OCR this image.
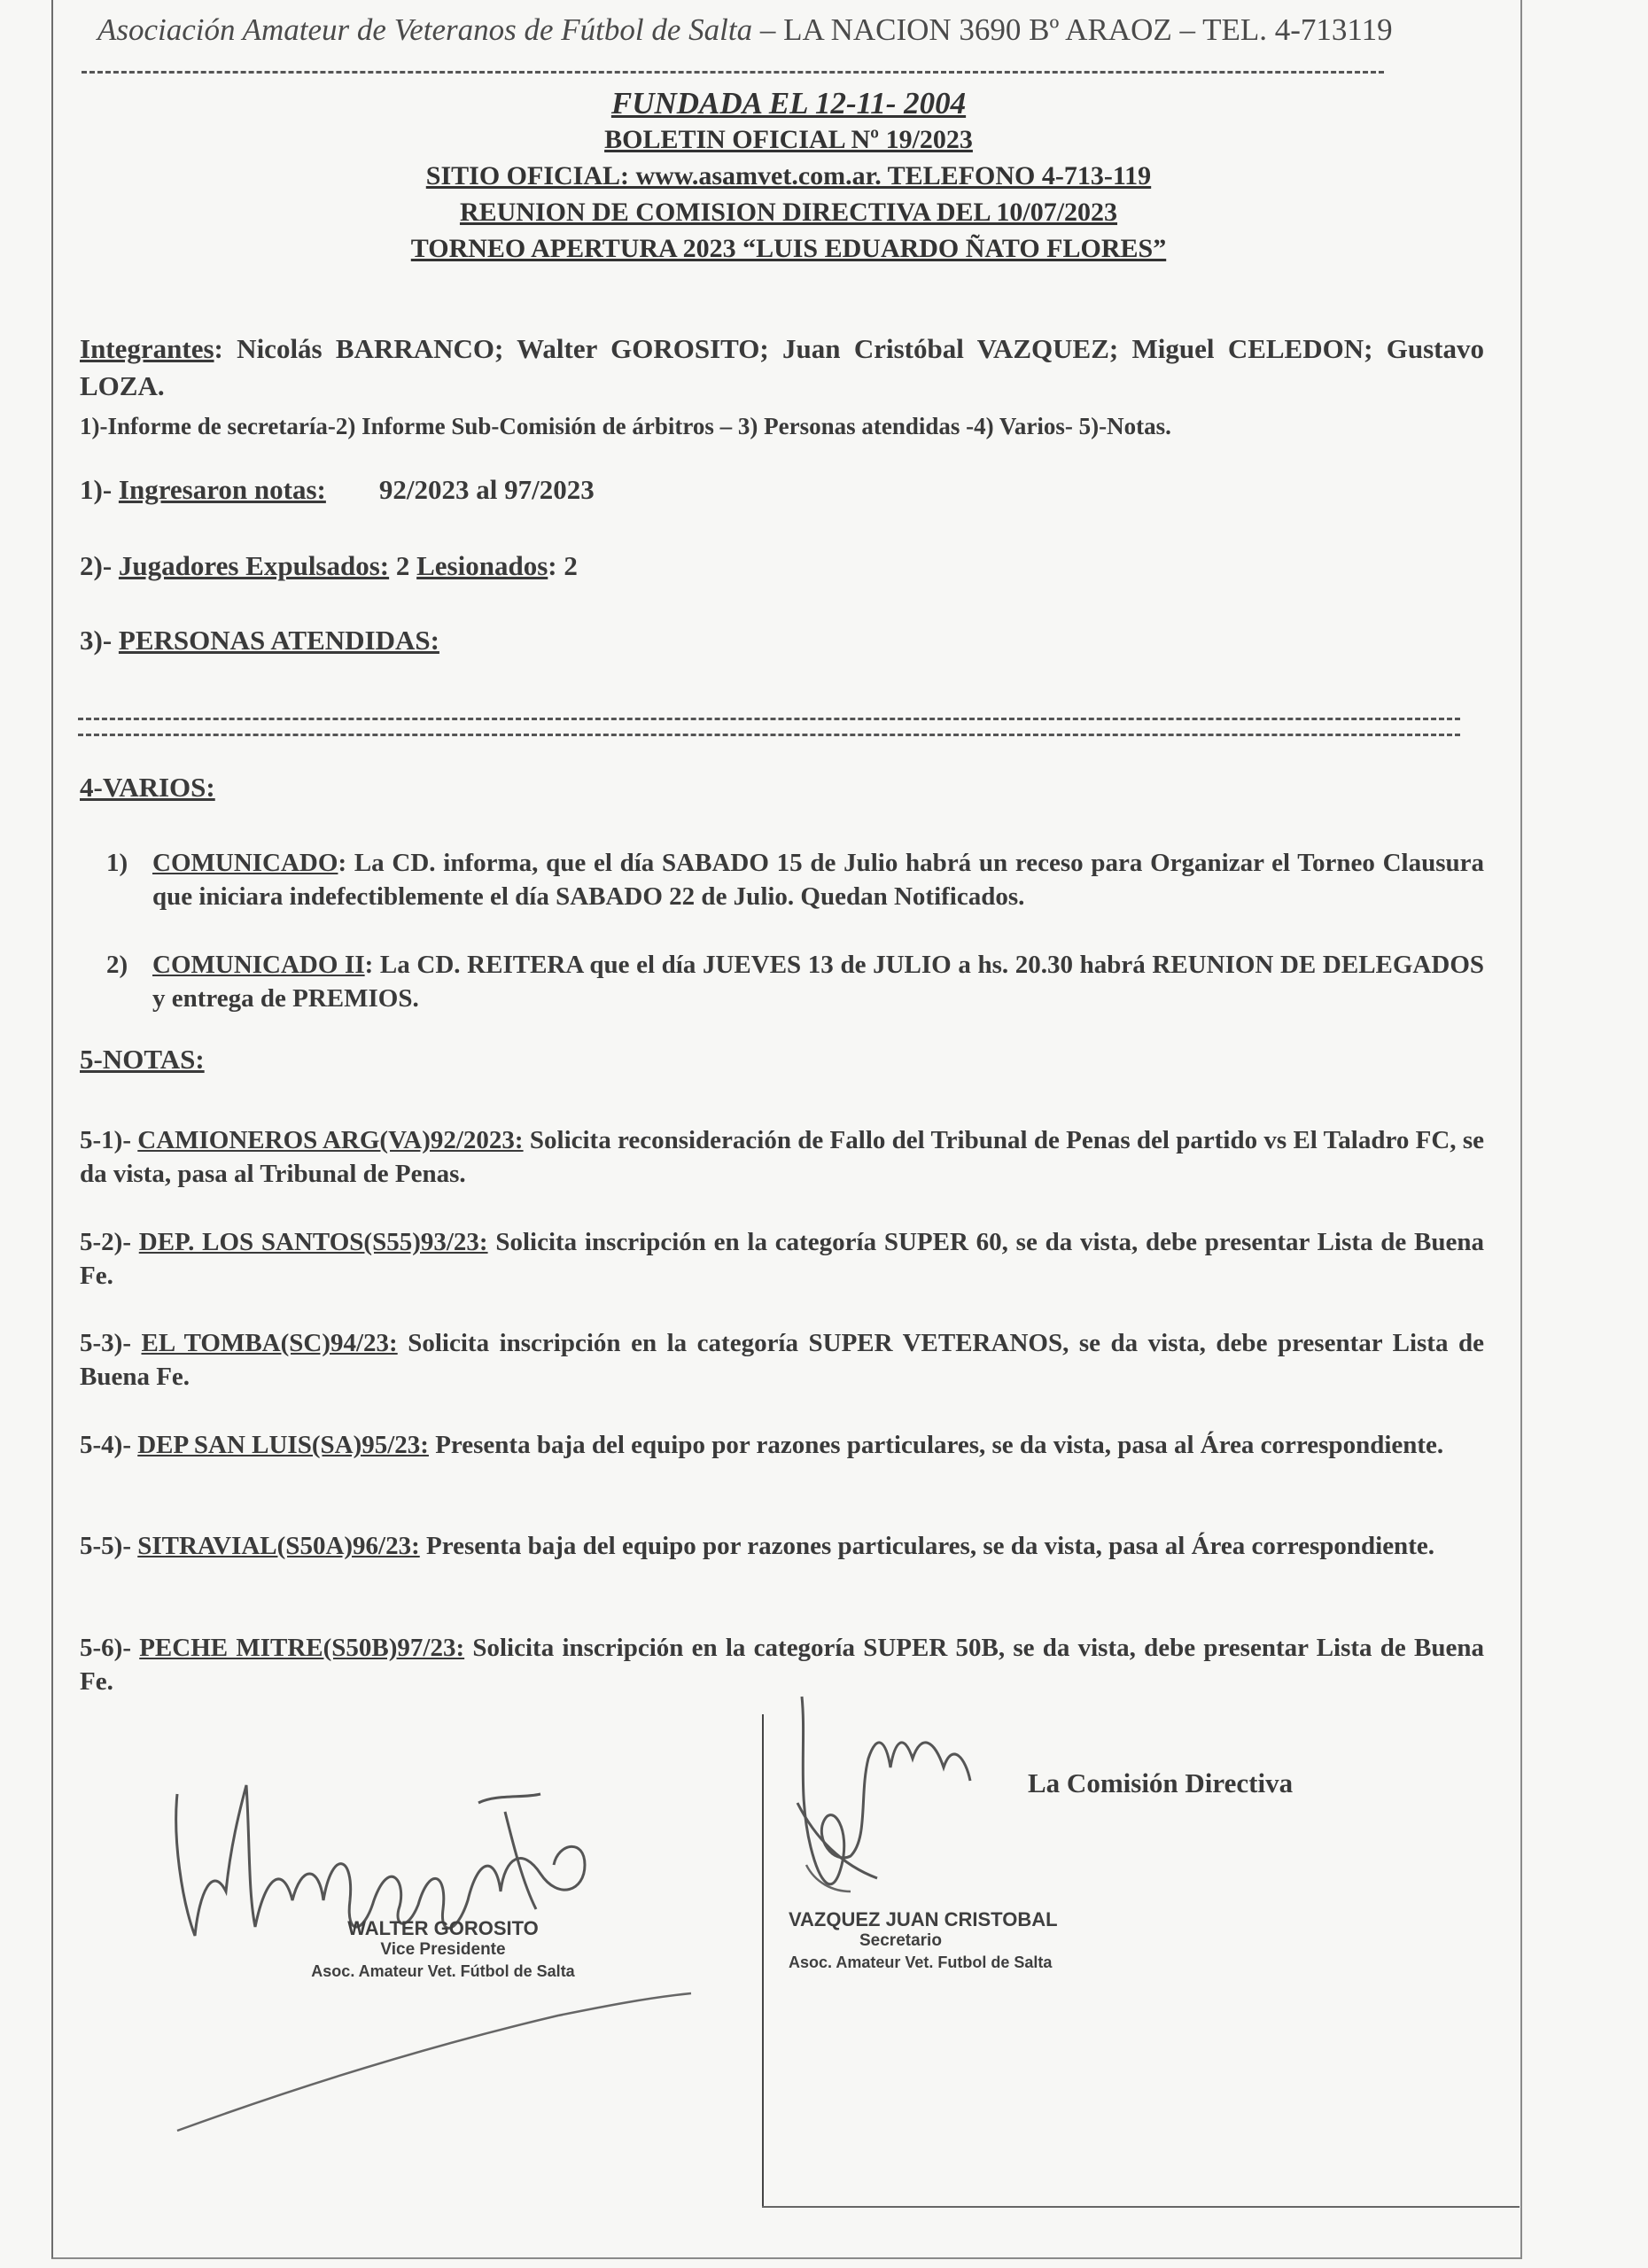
Asociación Amateur de Veteranos de Fútbol de Salta – LA NACION 3690 Bº ARAOZ – TEL. 4-713119
FUNDADA EL 12-11- 2004
BOLETIN OFICIAL Nº 19/2023
SITIO OFICIAL: www.asamvet.com.ar. TELEFONO 4-713-119
REUNION DE COMISION DIRECTIVA DEL 10/07/2023
TORNEO APERTURA 2023 “LUIS EDUARDO ÑATO FLORES”
Integrantes: Nicolás BARRANCO; Walter GOROSITO; Juan Cristóbal VAZQUEZ; Miguel CELEDON; Gustavo LOZA.
1)-Informe de secretaría-2) Informe Sub-Comisión de árbitros – 3) Personas atendidas -4) Varios- 5)-Notas.
1)- Ingresaron notas: 92/2023 al 97/2023
2)- Jugadores Expulsados: 2 Lesionados: 2
3)- PERSONAS ATENDIDAS:
4-VARIOS:
1) COMUNICADO: La CD. informa, que el día SABADO 15 de Julio habrá un receso para Organizar el Torneo Clausura que iniciara indefectiblemente el día SABADO 22 de Julio. Quedan Notificados.
2) COMUNICADO II: La CD. REITERA que el día JUEVES 13 de JULIO a hs. 20.30 habrá REUNION DE DELEGADOS y entrega de PREMIOS.
5-NOTAS:
5-1)- CAMIONEROS ARG(VA)92/2023: Solicita reconsideración de Fallo del Tribunal de Penas del partido vs El Taladro FC, se da vista, pasa al Tribunal de Penas.
5-2)- DEP. LOS SANTOS(S55)93/23: Solicita inscripción en la categoría SUPER 60, se da vista, debe presentar Lista de Buena Fe.
5-3)- EL TOMBA(SC)94/23: Solicita inscripción en la categoría SUPER VETERANOS, se da vista, debe presentar Lista de Buena Fe.
5-4)- DEP SAN LUIS(SA)95/23: Presenta baja del equipo por razones particulares, se da vista, pasa al Área correspondiente.
5-5)- SITRAVIAL(S50A)96/23: Presenta baja del equipo por razones particulares, se da vista, pasa al Área correspondiente.
5-6)- PECHE MITRE(S50B)97/23: Solicita inscripción en la categoría SUPER 50B, se da vista, debe presentar Lista de Buena Fe.
La Comisión Directiva
WALTER GOROSITO
Vice Presidente
Asoc. Amateur Vet. Fútbol de Salta
VAZQUEZ JUAN CRISTOBAL
Secretario
Asoc. Amateur Vet. Futbol de Salta
